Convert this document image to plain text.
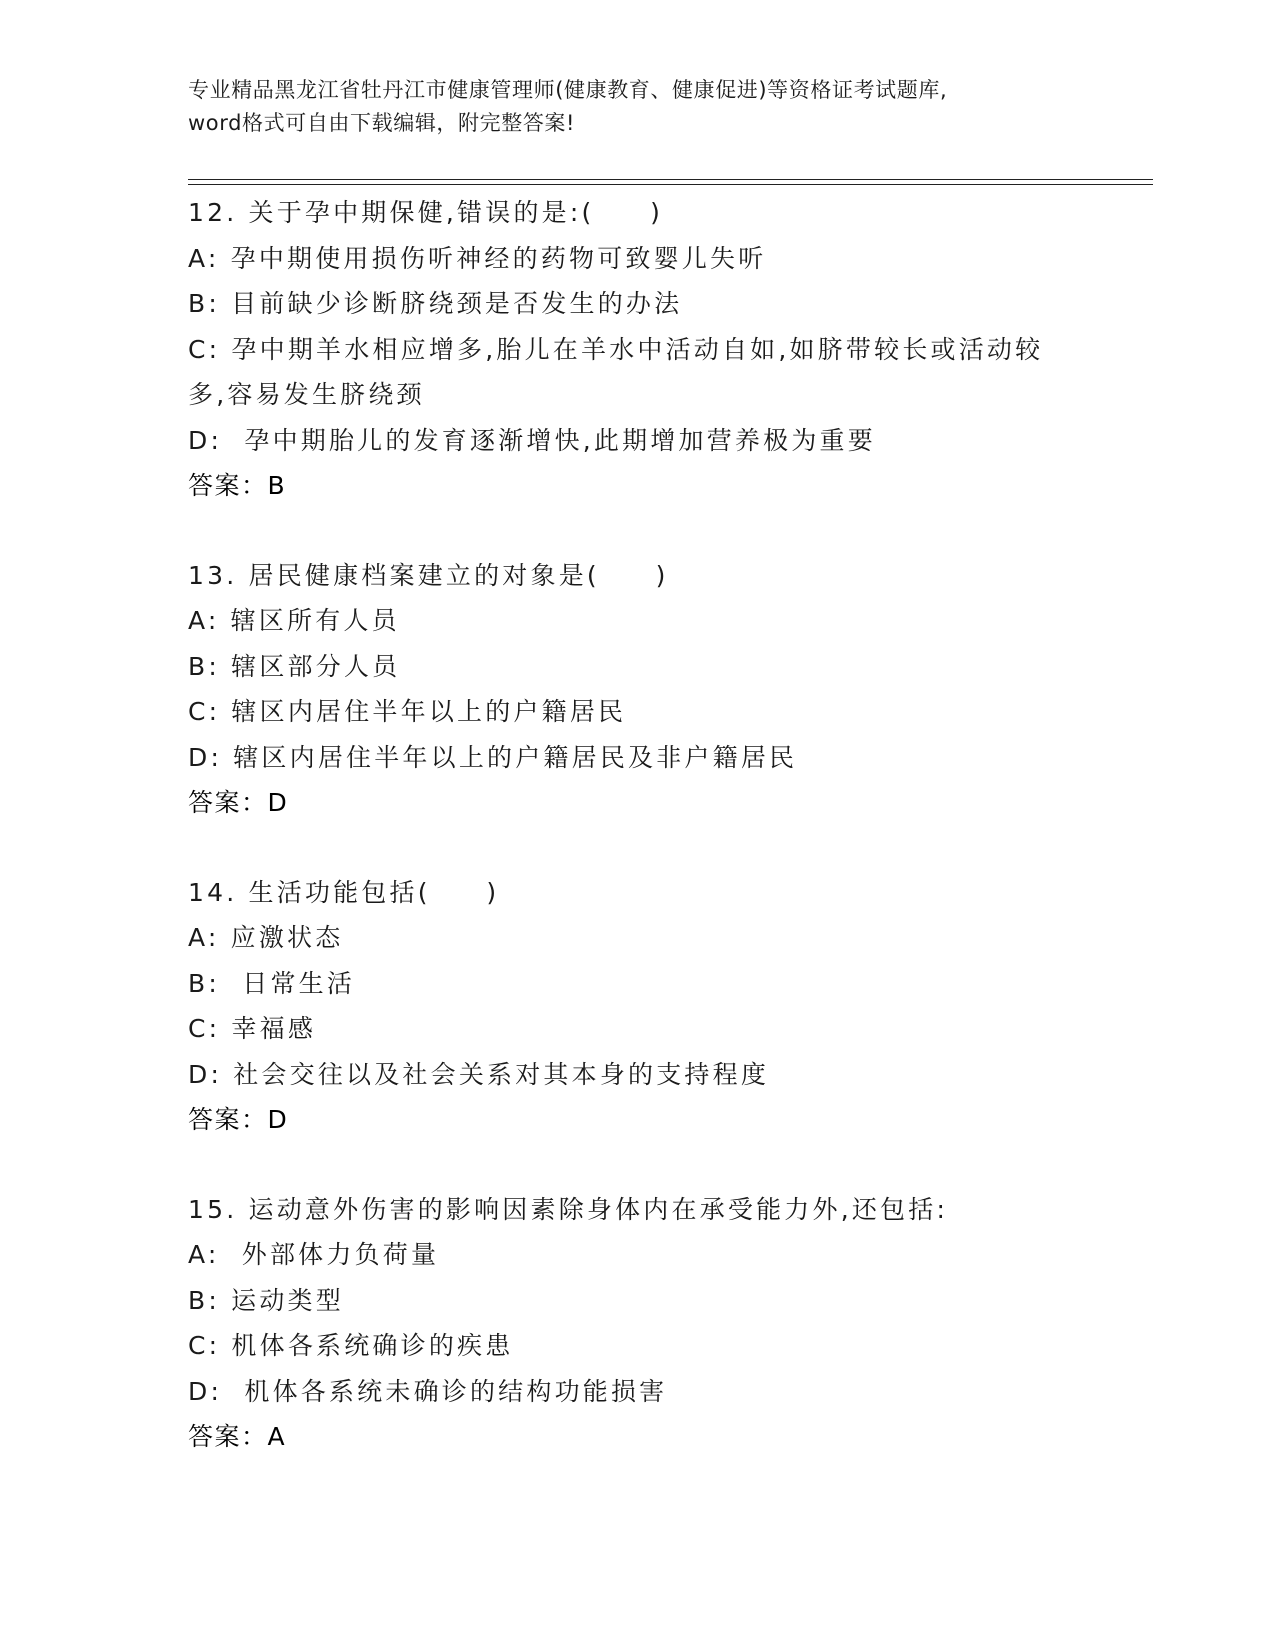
专业精品黑龙江省牡丹江市健康管理师(健康教育、健康促进)等资格证考试题库,
word格式可自由下载编辑，附完整答案!
12. 关于孕中期保健,错误的是:(     )
A: 孕中期使用损伤听神经的药物可致婴儿失听
B: 目前缺少诊断脐绕颈是否发生的办法
C: 孕中期羊水相应增多,胎儿在羊水中活动自如,如脐带较长或活动较多,容易发生脐绕颈
D:  孕中期胎儿的发育逐渐增快,此期增加营养极为重要
答案：B
13. 居民健康档案建立的对象是(     )
A: 辖区所有人员
B: 辖区部分人员
C: 辖区内居住半年以上的户籍居民
D: 辖区内居住半年以上的户籍居民及非户籍居民
答案：D
14. 生活功能包括(     )
A: 应激状态
B:  日常生活
C: 幸福感
D: 社会交往以及社会关系对其本身的支持程度
答案：D
15. 运动意外伤害的影响因素除身体内在承受能力外,还包括:
A:  外部体力负荷量
B: 运动类型
C: 机体各系统确诊的疾患
D:  机体各系统未确诊的结构功能损害
答案：A
